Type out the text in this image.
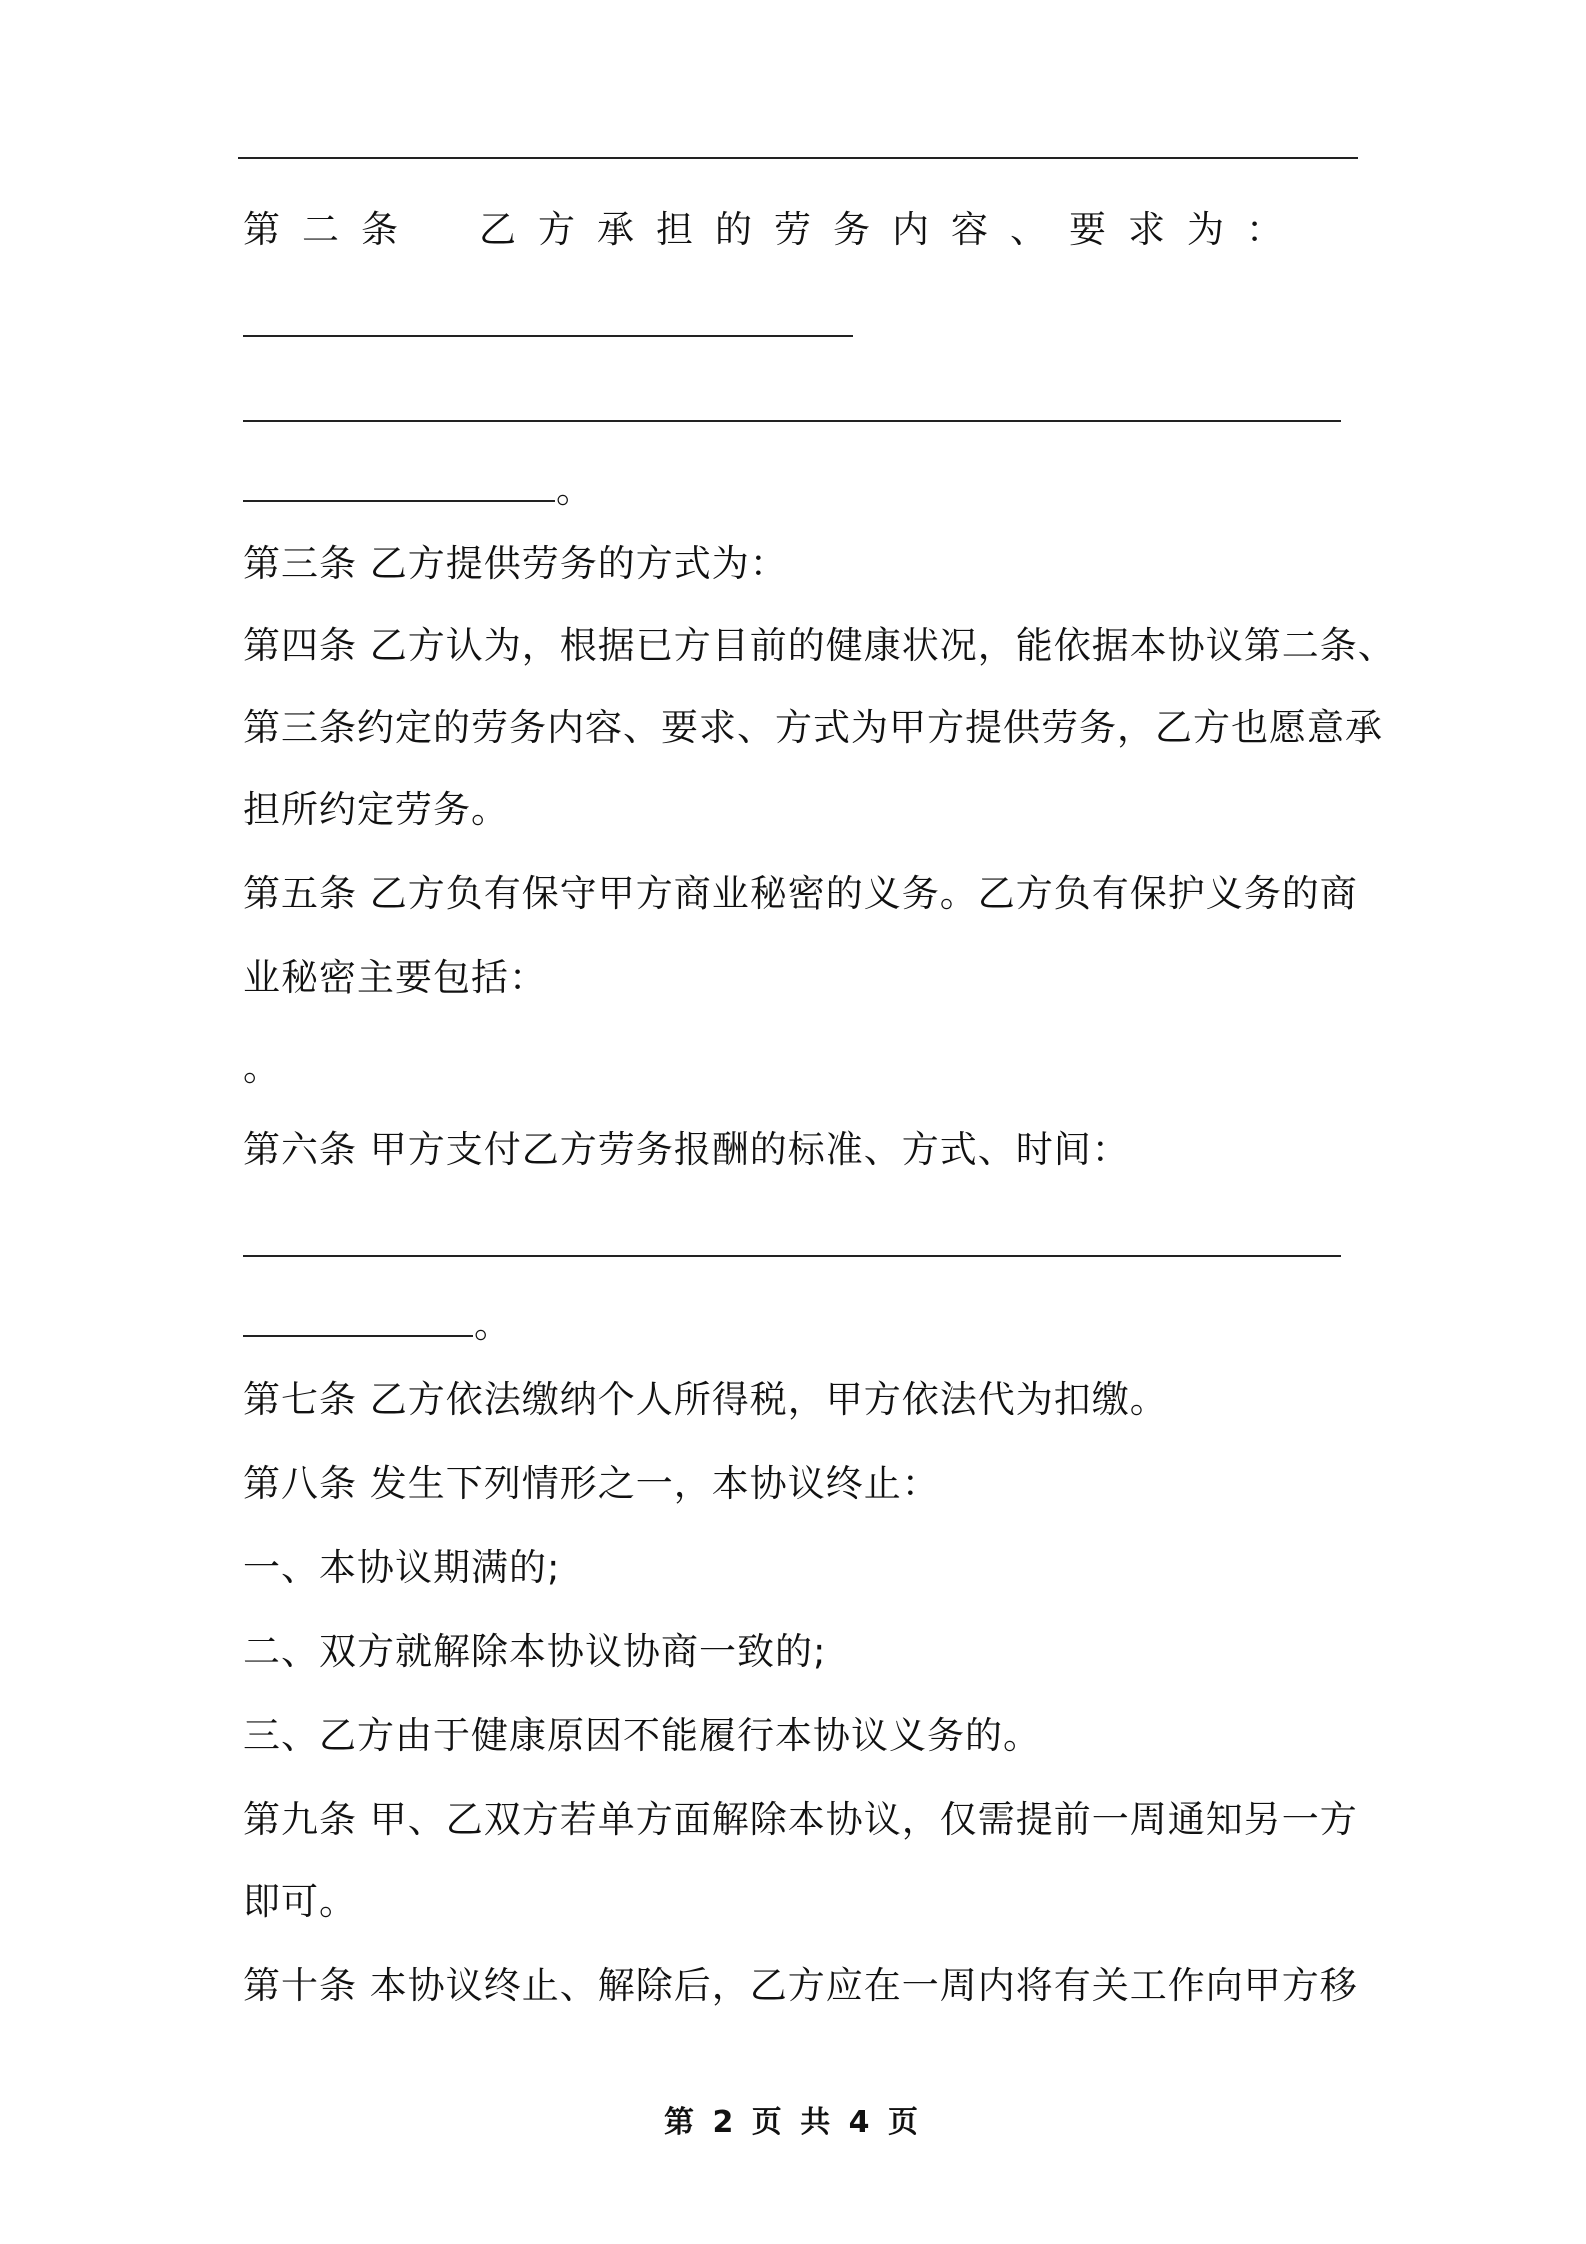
第二条　乙方承担的劳务内容、要求为：
。
第三条 乙方提供劳务的方式为：
第四条 乙方认为，根据已方目前的健康状况，能依据本协议第二条、
第三条约定的劳务内容、要求、方式为甲方提供劳务，乙方也愿意承
担所约定劳务。
第五条 乙方负有保守甲方商业秘密的义务。乙方负有保护义务的商
业秘密主要包括：
。
第六条 甲方支付乙方劳务报酬的标准、方式、时间：
。
第七条 乙方依法缴纳个人所得税，甲方依法代为扣缴。
第八条 发生下列情形之一，本协议终止：
一、本协议期满的;
二、双方就解除本协议协商一致的;
三、乙方由于健康原因不能履行本协议义务的。
第九条 甲、乙双方若单方面解除本协议，仅需提前一周通知另一方
即可。
第十条 本协议终止、解除后，乙方应在一周内将有关工作向甲方移
第 2 页 共 4 页
